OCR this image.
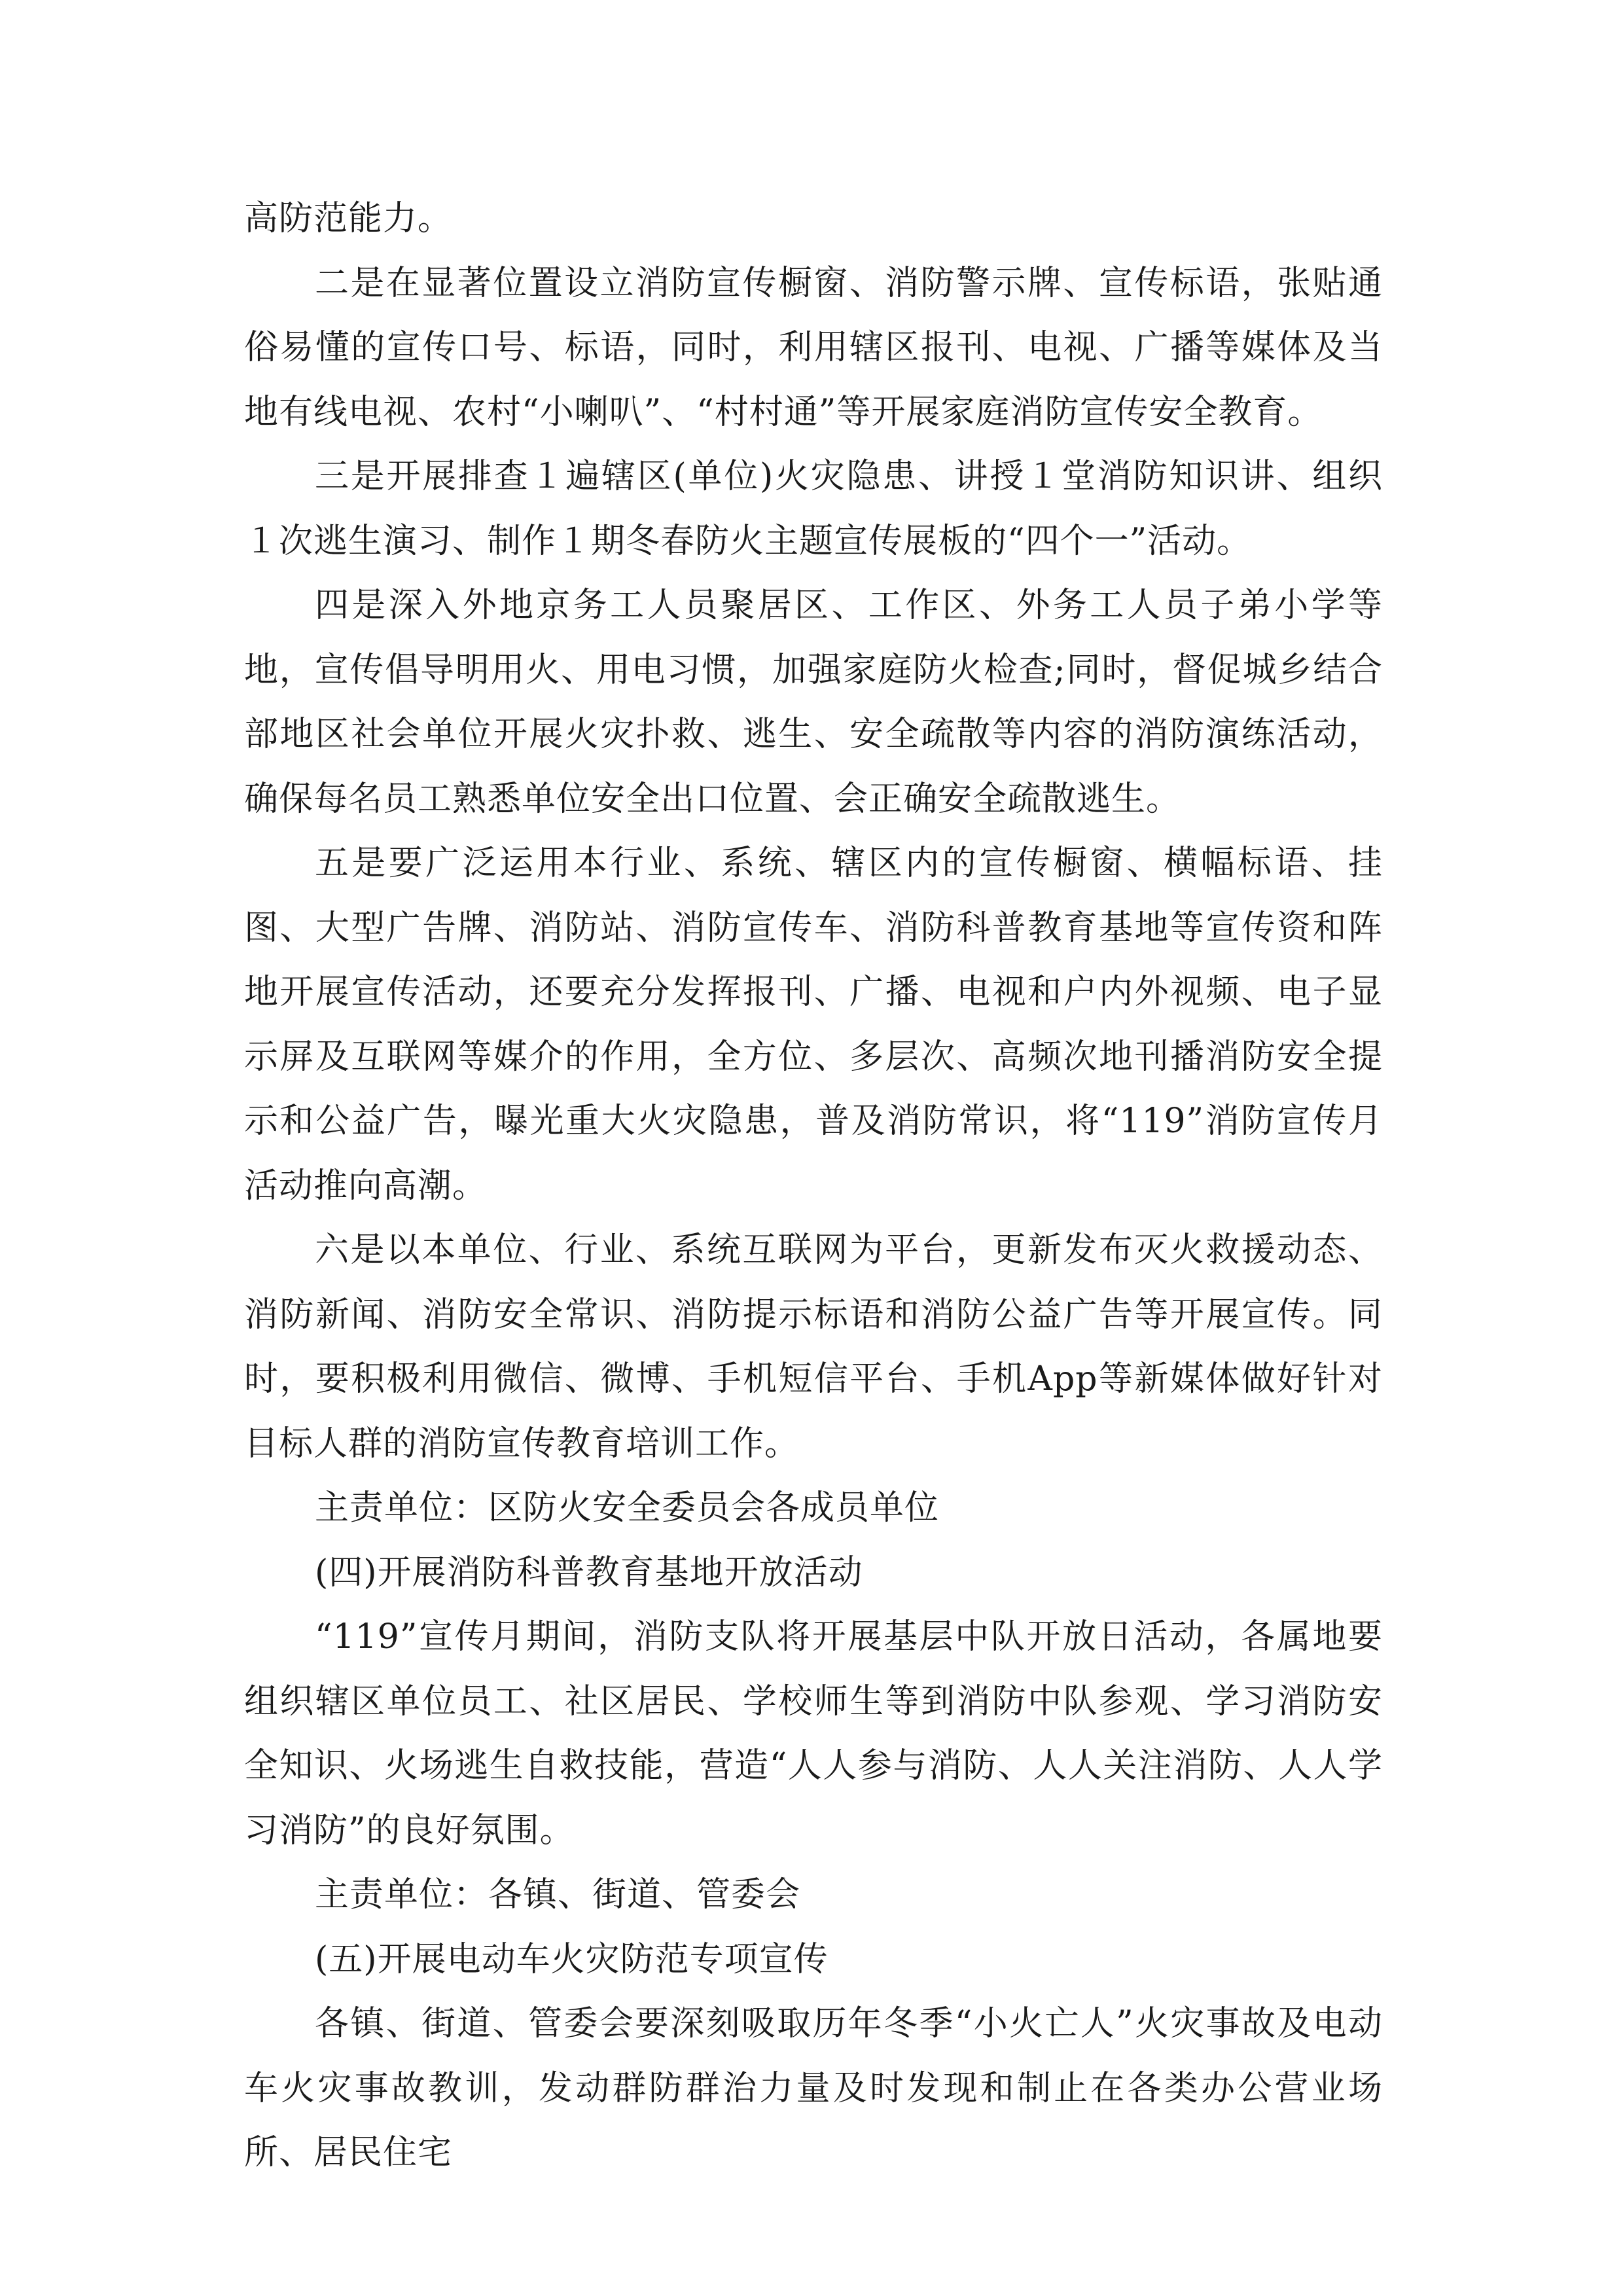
高防范能力。

二是在显著位置设立消防宣传橱窗、消防警示牌、宣传标语，张贴通俗易懂的宣传口号、标语，同时，利用辖区报刊、电视、广播等媒体及当地有线电视、农村“小喇叭”、“村村通”等开展家庭消防宣传安全教育。

三是开展排查１遍辖区(单位)火灾隐患、讲授１堂消防知识讲、组织１次逃生演习、制作１期冬春防火主题宣传展板的“四个一”活动。

四是深入外地京务工人员聚居区、工作区、外务工人员子弟小学等地，宣传倡导明用火、用电习惯，加强家庭防火检查;同时，督促城乡结合部地区社会单位开展火灾扑救、逃生、安全疏散等内容的消防演练活动，确保每名员工熟悉单位安全出口位置、会正确安全疏散逃生。

五是要广泛运用本行业、系统、辖区内的宣传橱窗、横幅标语、挂图、大型广告牌、消防站、消防宣传车、消防科普教育基地等宣传资和阵地开展宣传活动，还要充分发挥报刊、广播、电视和户内外视频、电子显示屏及互联网等媒介的作用，全方位、多层次、高频次地刊播消防安全提示和公益广告，曝光重大火灾隐患，普及消防常识，将“119”消防宣传月活动推向高潮。

六是以本单位、行业、系统互联网为平台，更新发布灭火救援动态、消防新闻、消防安全常识、消防提示标语和消防公益广告等开展宣传。同时，要积极利用微信、微博、手机短信平台、手机App等新媒体做好针对目标人群的消防宣传教育培训工作。

主责单位：区防火安全委员会各成员单位

(四)开展消防科普教育基地开放活动

“119”宣传月期间，消防支队将开展基层中队开放日活动，各属地要组织辖区单位员工、社区居民、学校师生等到消防中队参观、学习消防安全知识、火场逃生自救技能，营造“人人参与消防、人人关注消防、人人学习消防”的良好氛围。

主责单位：各镇、街道、管委会

(五)开展电动车火灾防范专项宣传

各镇、街道、管委会要深刻吸取历年冬季“小火亡人”火灾事故及电动车火灾事故教训，发动群防群治力量及时发现和制止在各类办公营业场所、居民住宅
